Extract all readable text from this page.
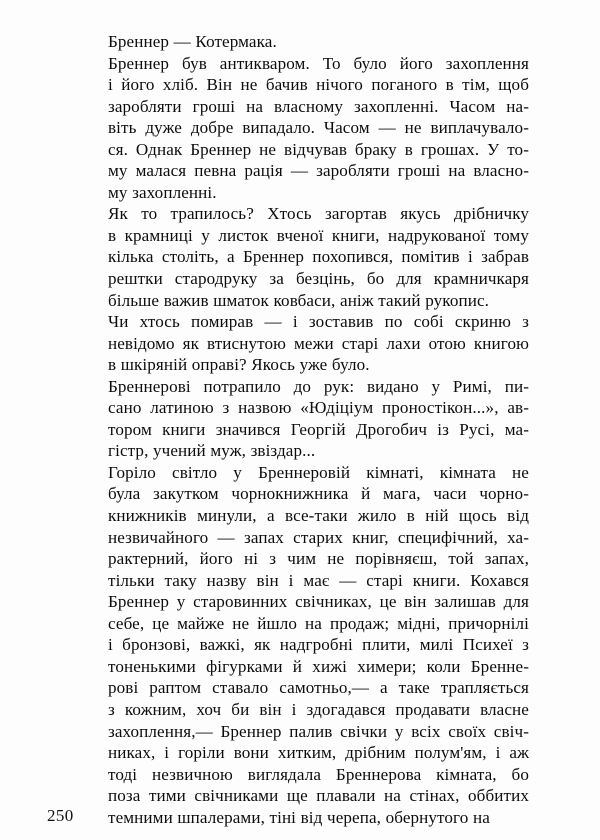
Бреннер — Котермака.

Бреннер був антикваром. То було його захоплення
і його хліб. Він не бачив нічого поганого в тім, щоб
заробляти гроші на власному захопленні. Часом на-
віть дуже добре випадало. Часом — не виплачувало-
ся. Однак Бреннер не відчував браку в грошах. У то-
му малася певна рація — заробляти гроші на власно-
му захопленні.

Як то трапилось? Хтось загортав якусь дрібничку
в крамниці у листок вченої книги, надрукованої тому
кілька століть, а Бреннер похопився, помітив і забрав
рештки стародруку за безцінь, бо для крамничкаря
більше важив шматок ковбаси, аніж такий рукопис.

Чи хтось помирав — і зоставив по собі скриню з
невідомо як втиснутою межи старі лахи отою книгою
в шкіряній оправі? Якось уже було.

Бреннерові потрапило до рук: видано у Римі, пи-
сано латиною з назвою «Юдіціум проностікон...», ав-
тором книги значився Георгій Дрогобич із Русі, ма-
гістр, учений муж, звіздар...

Горіло світло у Бреннеровій кімнаті, кімната не
була закутком чорнокнижника й мага, часи чорно-
книжників минули, а все-таки жило в ній щось від
незвичайного — запах старих книг, специфічний, ха-
рактерний, його ні з чим не порівняєш, той запах,
тільки таку назву він і має — старі книги. Кохався
Бреннер у старовинних свічниках, це він залишав для
себе, це майже не йшло на продаж; мідні, причорнілі
і бронзові, важкі, як надгробні плити, милі Психеї з
тоненькими фігурками й хижі химери; коли Бренне-
рові раптом ставало самотньо,— а таке трапляється
з кожним, хоч би він і здогадався продавати власне
захоплення,— Бреннер палив свічки у всіх своїх свіч-
никах, і горіли вони хитким, дрібним полум'ям, і аж
тоді незвичною виглядала Бреннерова кімната, бо
поза тими свічниками ще плавали на стінах, оббитих
темними шпалерами, тіні від черепа, обернутого на

250
